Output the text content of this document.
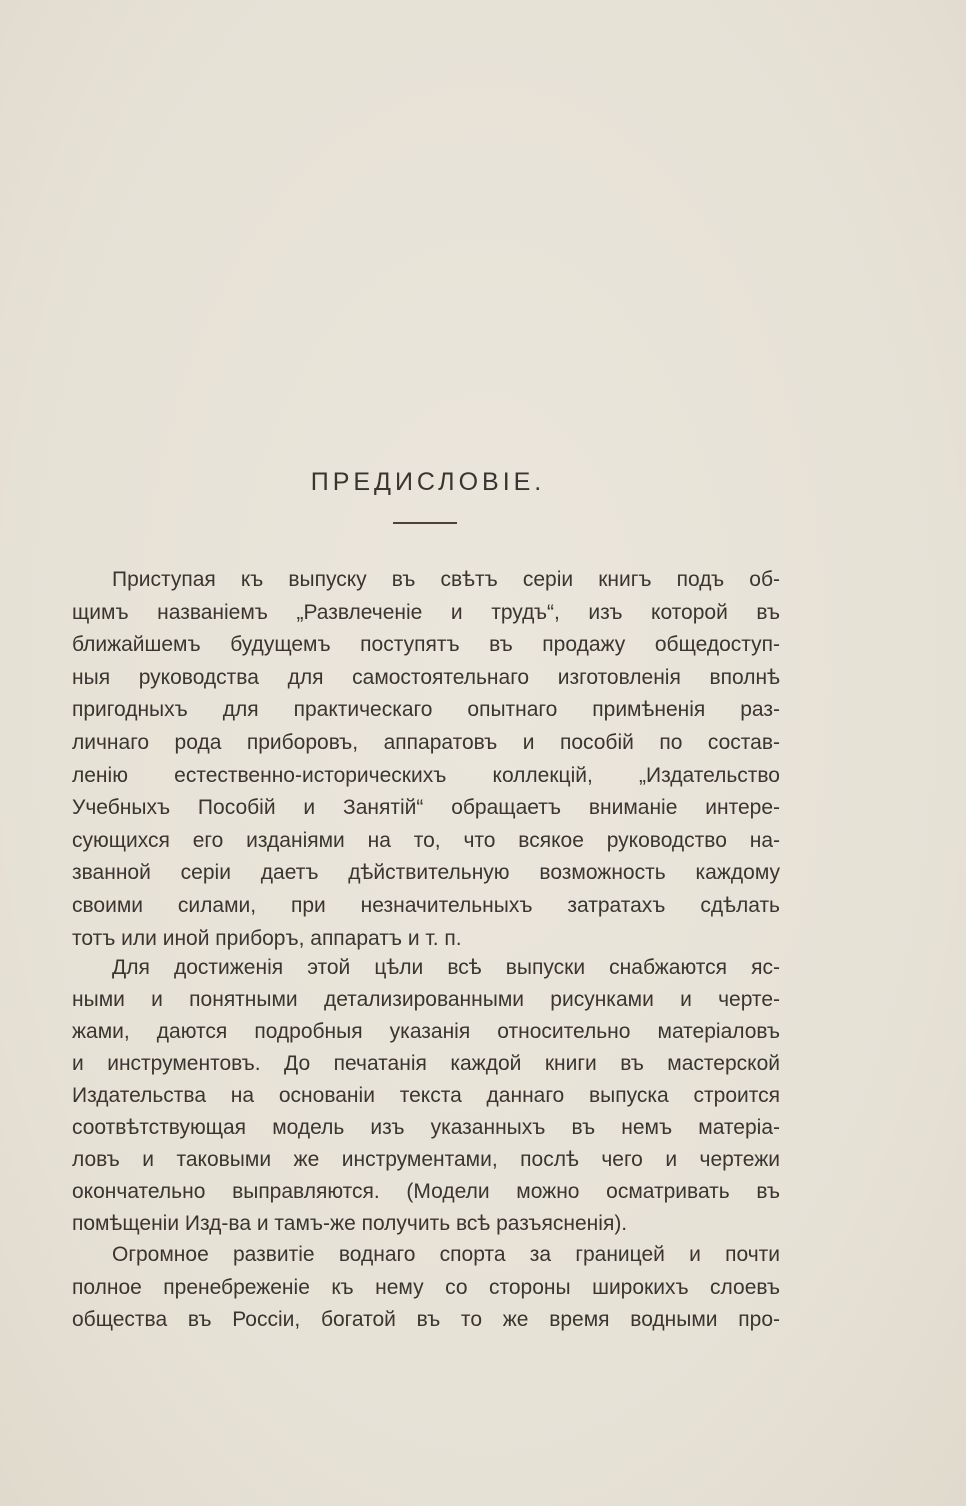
ПРЕДИСЛОВІЕ.
Приступая къ выпуску въ свѣтъ серіи книгъ подъ об-
щимъ названіемъ „Развлеченіе и трудъ“, изъ которой въ
ближайшемъ будущемъ поступятъ въ продажу общедоступ-
ныя руководства для самостоятельнаго изготовленія вполнѣ
пригодныхъ для практическаго опытнаго примѣненія раз-
личнаго рода приборовъ, аппаратовъ и пособій по состав-
ленію естественно-историческихъ коллекцій, „Издательство
Учебныхъ Пособій и Занятій“ обращаетъ вниманіе интере-
сующихся его изданіями на то, что всякое руководство на-
званной серіи даетъ дѣйствительную возможность каждому
своими силами, при незначительныхъ затратахъ сдѣлать
тотъ или иной приборъ, аппаратъ и т. п.
Для достиженія этой цѣли всѣ выпуски снабжаются яс-
ными и понятными детализированными рисунками и черте-
жами, даются подробныя указанія относительно матеріаловъ
и инструментовъ. До печатанія каждой книги въ мастерской
Издательства на основаніи текста даннаго выпуска строится
соотвѣтствующая модель изъ указанныхъ въ немъ матеріа-
ловъ и таковыми же инструментами, послѣ чего и чертежи
окончательно выправляются. (Модели можно осматривать въ
помѣщеніи Изд-ва и тамъ-же получить всѣ разъясненія).
Огромное развитіе воднаго спорта за границей и почти
полное пренебреженіе къ нему со стороны широкихъ слоевъ
общества въ Россіи, богатой въ то же время водными про-
